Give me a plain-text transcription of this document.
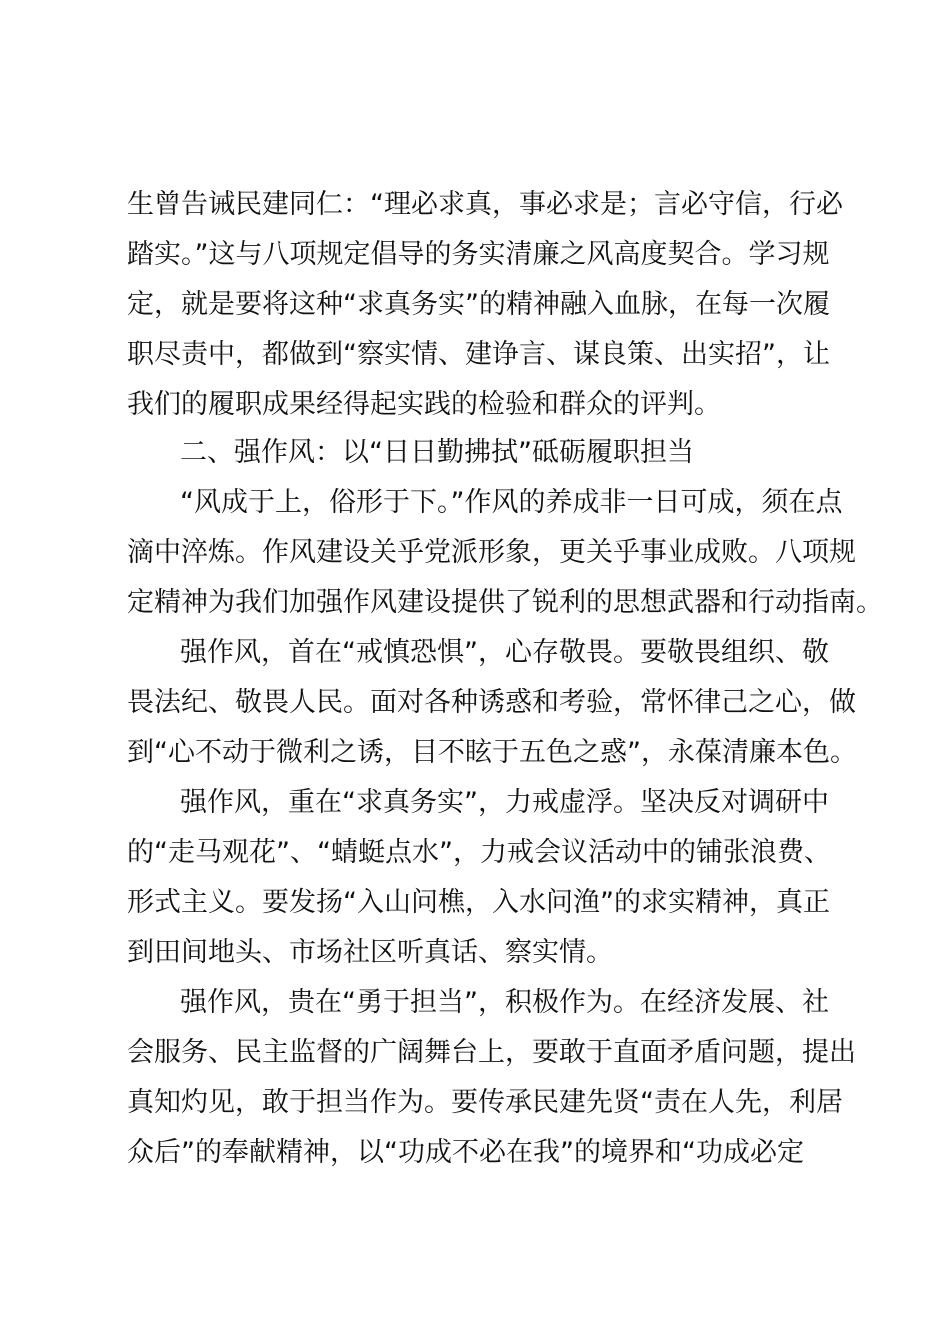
生曾告诫民建同仁：“理必求真，事必求是；言必守信，行必
踏实。”这与八项规定倡导的务实清廉之风高度契合。学习规
定，就是要将这种“求真务实”的精神融入血脉，在每一次履
职尽责中，都做到“察实情、建诤言、谋良策、出实招”，让
我们的履职成果经得起实践的检验和群众的评判。
二、强作风：以“日日勤拂拭”砥砺履职担当
“风成于上，俗形于下。”作风的养成非一日可成，须在点
滴中淬炼。作风建设关乎党派形象，更关乎事业成败。八项规
定精神为我们加强作风建设提供了锐利的思想武器和行动指南。
强作风，首在“戒慎恐惧”，心存敬畏。要敬畏组织、敬
畏法纪、敬畏人民。面对各种诱惑和考验，常怀律己之心，做
到“心不动于微利之诱，目不眩于五色之惑”，永葆清廉本色。
强作风，重在“求真务实”，力戒虚浮。坚决反对调研中
的“走马观花”、“蜻蜓点水”，力戒会议活动中的铺张浪费、
形式主义。要发扬“入山问樵，入水问渔”的求实精神，真正
到田间地头、市场社区听真话、察实情。
强作风，贵在“勇于担当”，积极作为。在经济发展、社
会服务、民主监督的广阔舞台上，要敢于直面矛盾问题，提出
真知灼见，敢于担当作为。要传承民建先贤“责在人先，利居
众后”的奉献精神，以“功成不必在我”的境界和“功成必定
